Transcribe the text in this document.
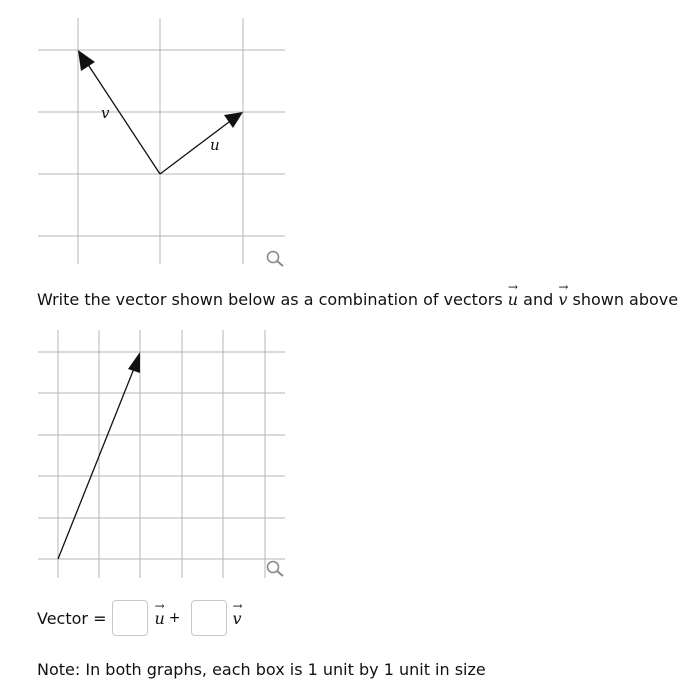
v
u
Write the vector shown below as a combination of vectors
→
u and
→
v shown above
Vector =
→
u +
→
v
Note: In both graphs, each box is 1 unit by 1 unit in size
